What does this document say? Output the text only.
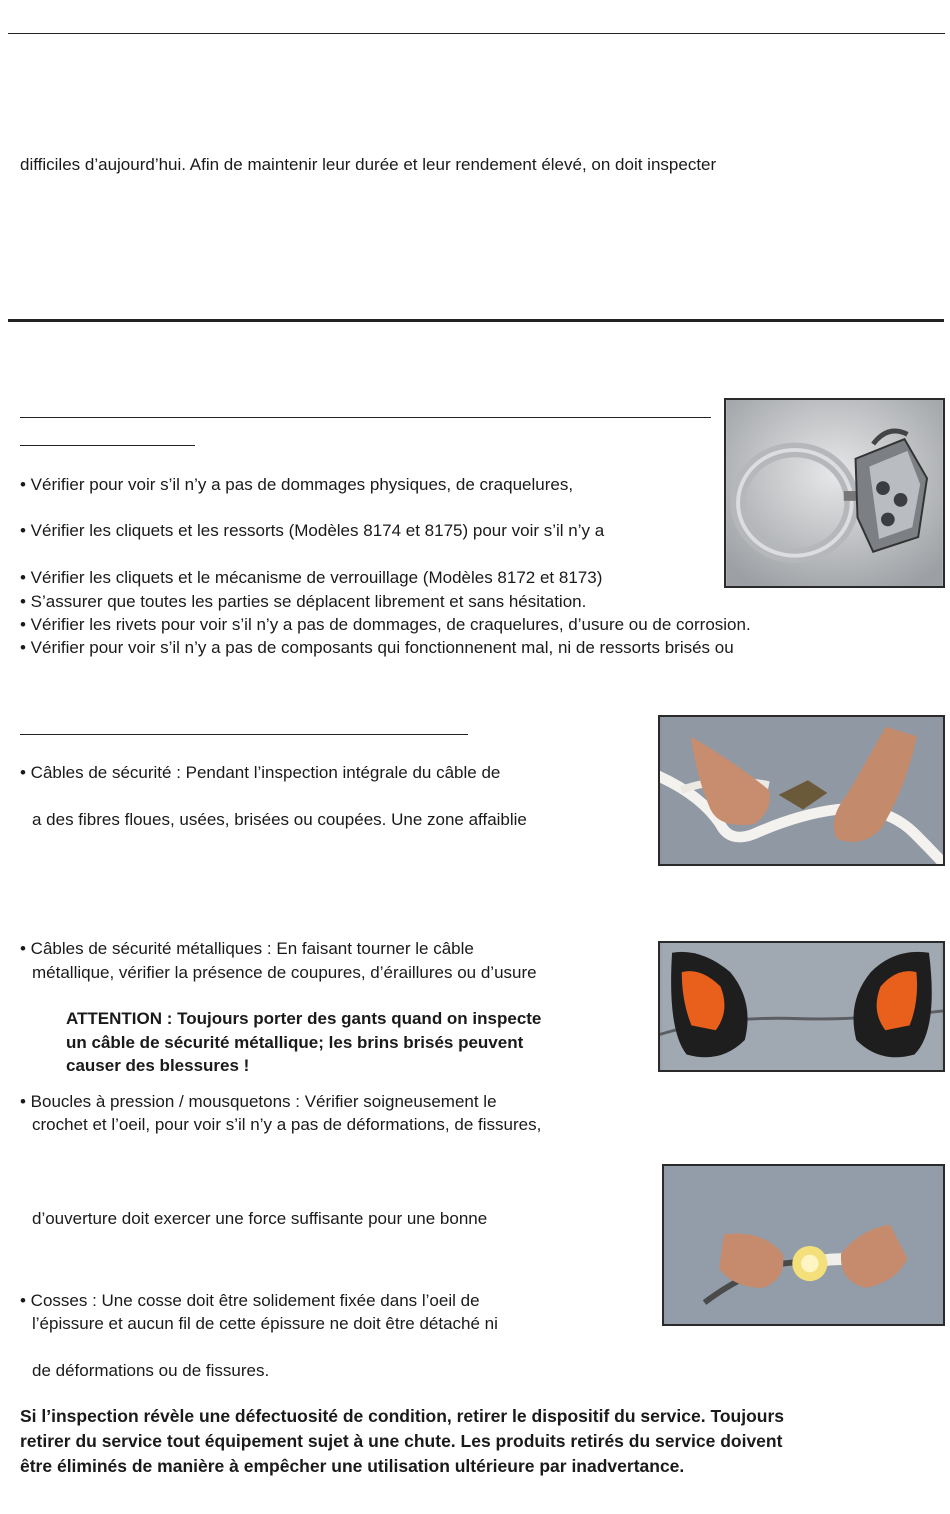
difficiles d’aujourd’hui. Afin de maintenir leur durée et leur rendement élevé, on doit inspecter
• Vérifier pour voir s’il n’y a pas de dommages physiques, de craquelures,
• Vérifier les cliquets et les ressorts (Modèles 8174 et 8175) pour voir s’il n’y a
• Vérifier les cliquets et le mécanisme de verrouillage (Modèles 8172 et 8173)
• S’assurer que toutes les parties se déplacent librement et sans hésitation.
• Vérifier les rivets pour voir s’il n’y a pas de dommages, de craquelures, d’usure ou de corrosion.
• Vérifier pour voir s’il n’y a pas de composants qui fonctionnenent mal, ni de ressorts brisés ou
• Câbles de sécurité : Pendant l’inspection intégrale du câble de
a des fibres floues, usées, brisées ou coupées. Une zone affaiblie
• Câbles de sécurité métalliques : En faisant tourner le câble
métallique, vérifier la présence de coupures, d’éraillures ou d’usure
ATTENTION : Toujours porter des gants quand on inspecte
un câble de sécurité métallique; les brins brisés peuvent
causer des blessures !
• Boucles à pression / mousquetons : Vérifier soigneusement le
crochet et l’oeil, pour voir s’il n’y a pas de déformations, de fissures,
d’ouverture doit exercer une force suffisante pour une bonne
• Cosses : Une cosse doit être solidement fixée dans l’oeil de
l’épissure et aucun fil de cette épissure ne doit être détaché ni
de déformations ou de fissures.
Si l’inspection révèle une défectuosité de condition, retirer le dispositif du service. Toujours
retirer du service tout équipement sujet à une chute. Les produits retirés du service doivent
être éliminés de manière à empêcher une utilisation ultérieure par inadvertance.
